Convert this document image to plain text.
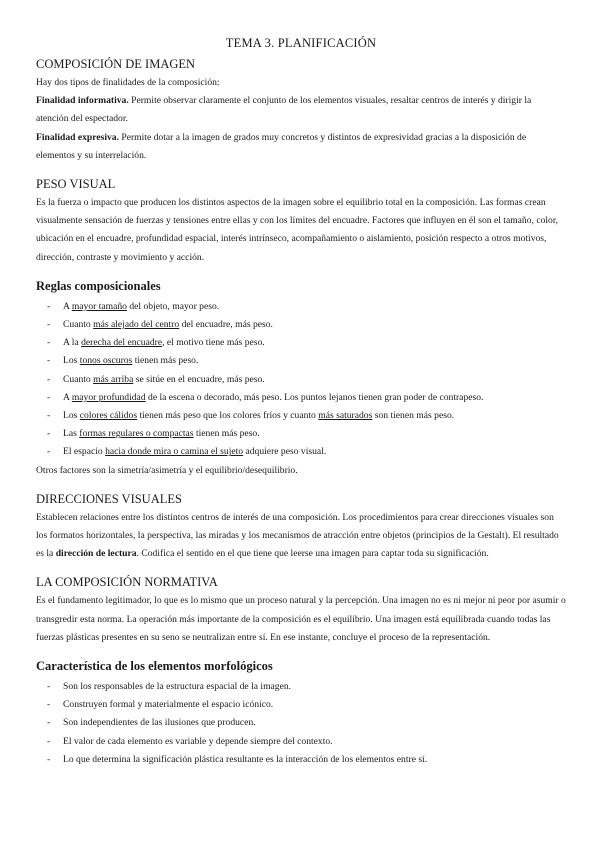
TEMA 3. PLANIFICACIÓN
COMPOSICIÓN DE IMAGEN

Hay dos tipos de finalidades de la composición:

Finalidad informativa. Permite observar claramente el conjunto de los elementos visuales, resaltar centros de interés y dirigir la atención del espectador.

Finalidad expresiva. Permite dotar a la imagen de grados muy concretos y distintos de expresividad gracias a la disposición de elementos y su interrelación.

PESO VISUAL

Es la fuerza o impacto que producen los distintos aspectos de la imagen sobre el equilibrio total en la composición. Las formas crean visualmente sensación de fuerzas y tensiones entre ellas y con los límites del encuadre. Factores que influyen en él son el tamaño, color, ubicación en el encuadre, profundidad espacial, interés intrínseco, acompañamiento o aislamiento, posición respecto a otros motivos, dirección, contraste y movimiento y acción.

Reglas composicionales
- A mayor tamaño del objeto, mayor peso.
- Cuanto más alejado del centro del encuadre, más peso.
- A la derecha del encuadre, el motivo tiene más peso.
- Los tonos oscuros tienen más peso.
- Cuanto más arriba se sitúe en el encuadre, más peso.
- A mayor profundidad de la escena o decorado, más peso. Los puntos lejanos tienen gran poder de contrapeso.
- Los colores cálidos tienen más peso que los colores fríos y cuanto más saturados son tienen más peso.
- Las formas regulares o compactas tienen más peso.
- El espacio hacia donde mira o camina el sujeto adquiere peso visual.

Otros factores son la simetría/asimetría y el equilibrio/desequilibrio.

DIRECCIONES VISUALES

Establecen relaciones entre los distintos centros de interés de una composición. Los procedimientos para crear direcciones visuales son los formatos horizontales, la perspectiva, las miradas y los mecanismos de atracción entre objetos (principios de la Gestalt). El resultado es la dirección de lectura. Codifica el sentido en el que tiene que leerse una imagen para captar toda su significación.

LA COMPOSICIÓN NORMATIVA

Es el fundamento legitimador, lo que es lo mismo que un proceso natural y la percepción. Una imagen no es ni mejor ni peor por asumir o transgredir esta norma. La operación más importante de la composición es el equilibrio. Una imagen está equilibrada cuando todas las fuerzas plásticas presentes en su seno se neutralizan entre sí. En ese instante, concluye el proceso de la representación.

Característica de los elementos morfológicos
- Son los responsables de la estructura espacial de la imagen.
- Construyen formal y materialmente el espacio icónico.
- Son independientes de las ilusiones que producen.
- El valor de cada elemento es variable y depende siempre del contexto.
- Lo que determina la significación plástica resultante es la interacción de los elementos entre sí.
